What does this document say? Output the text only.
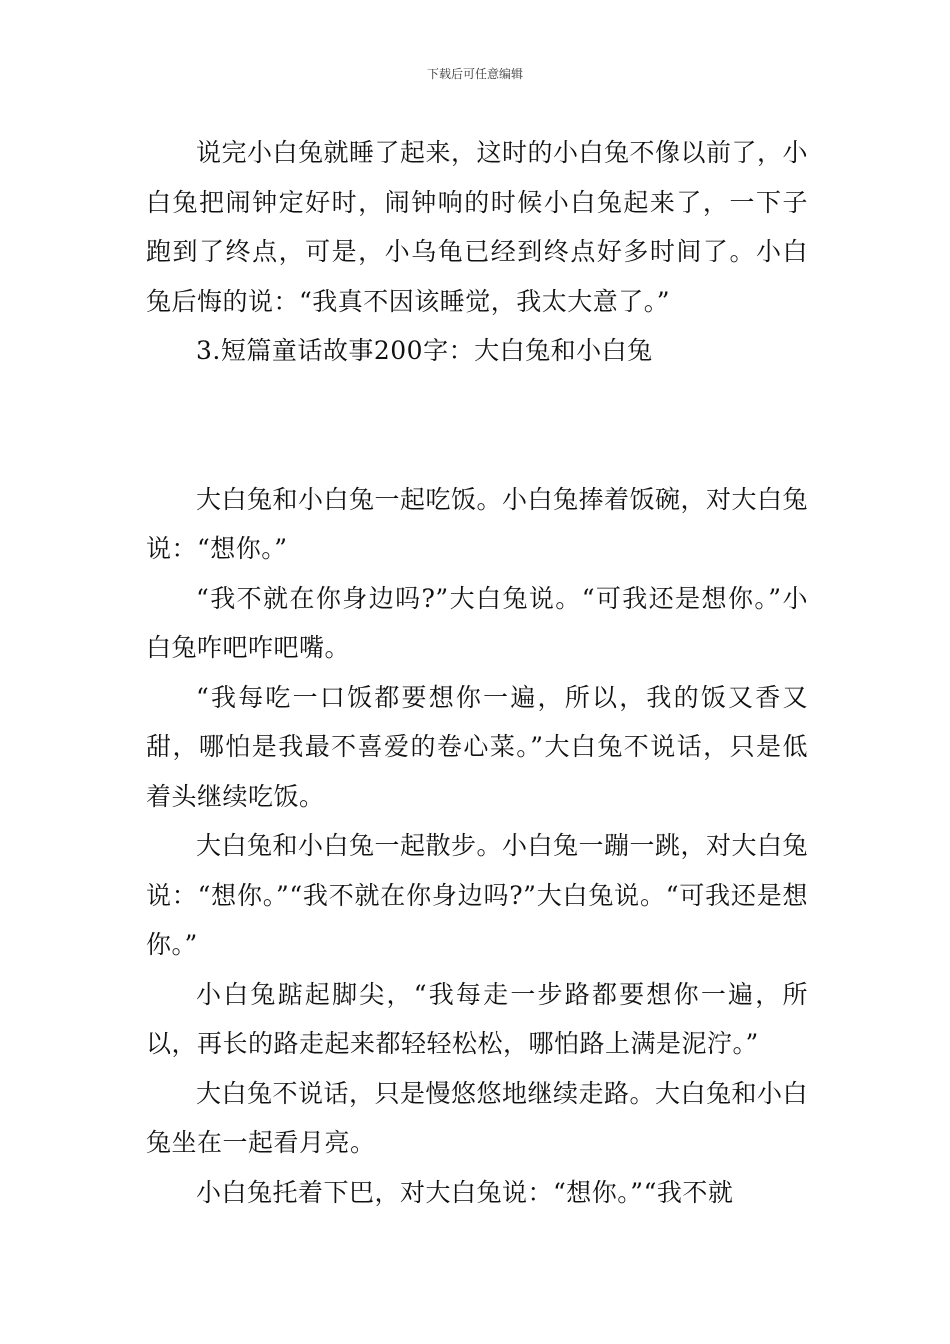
下载后可任意编辑

说完小白兔就睡了起来，这时的小白兔不像以前了，小白兔把闹钟定好时，闹钟响的时候小白兔起来了，一下子跑到了终点，可是，小乌龟已经到终点好多时间了。小白兔后悔的说：“我真不因该睡觉，我太大意了。”

3.短篇童话故事200字：大白兔和小白兔

大白兔和小白兔一起吃饭。小白兔捧着饭碗，对大白兔说：“想你。”

“我不就在你身边吗?”大白兔说。“可我还是想你。”小白兔咋吧咋吧嘴。

“我每吃一口饭都要想你一遍，所以，我的饭又香又甜，哪怕是我最不喜爱的卷心菜。”大白兔不说话，只是低着头继续吃饭。

大白兔和小白兔一起散步。小白兔一蹦一跳，对大白兔说：“想你。”“我不就在你身边吗?”大白兔说。“可我还是想你。”

小白兔踮起脚尖，“我每走一步路都要想你一遍，所以，再长的路走起来都轻轻松松，哪怕路上满是泥泞。”

大白兔不说话，只是慢悠悠地继续走路。大白兔和小白兔坐在一起看月亮。

小白兔托着下巴，对大白兔说：“想你。”“我不就
